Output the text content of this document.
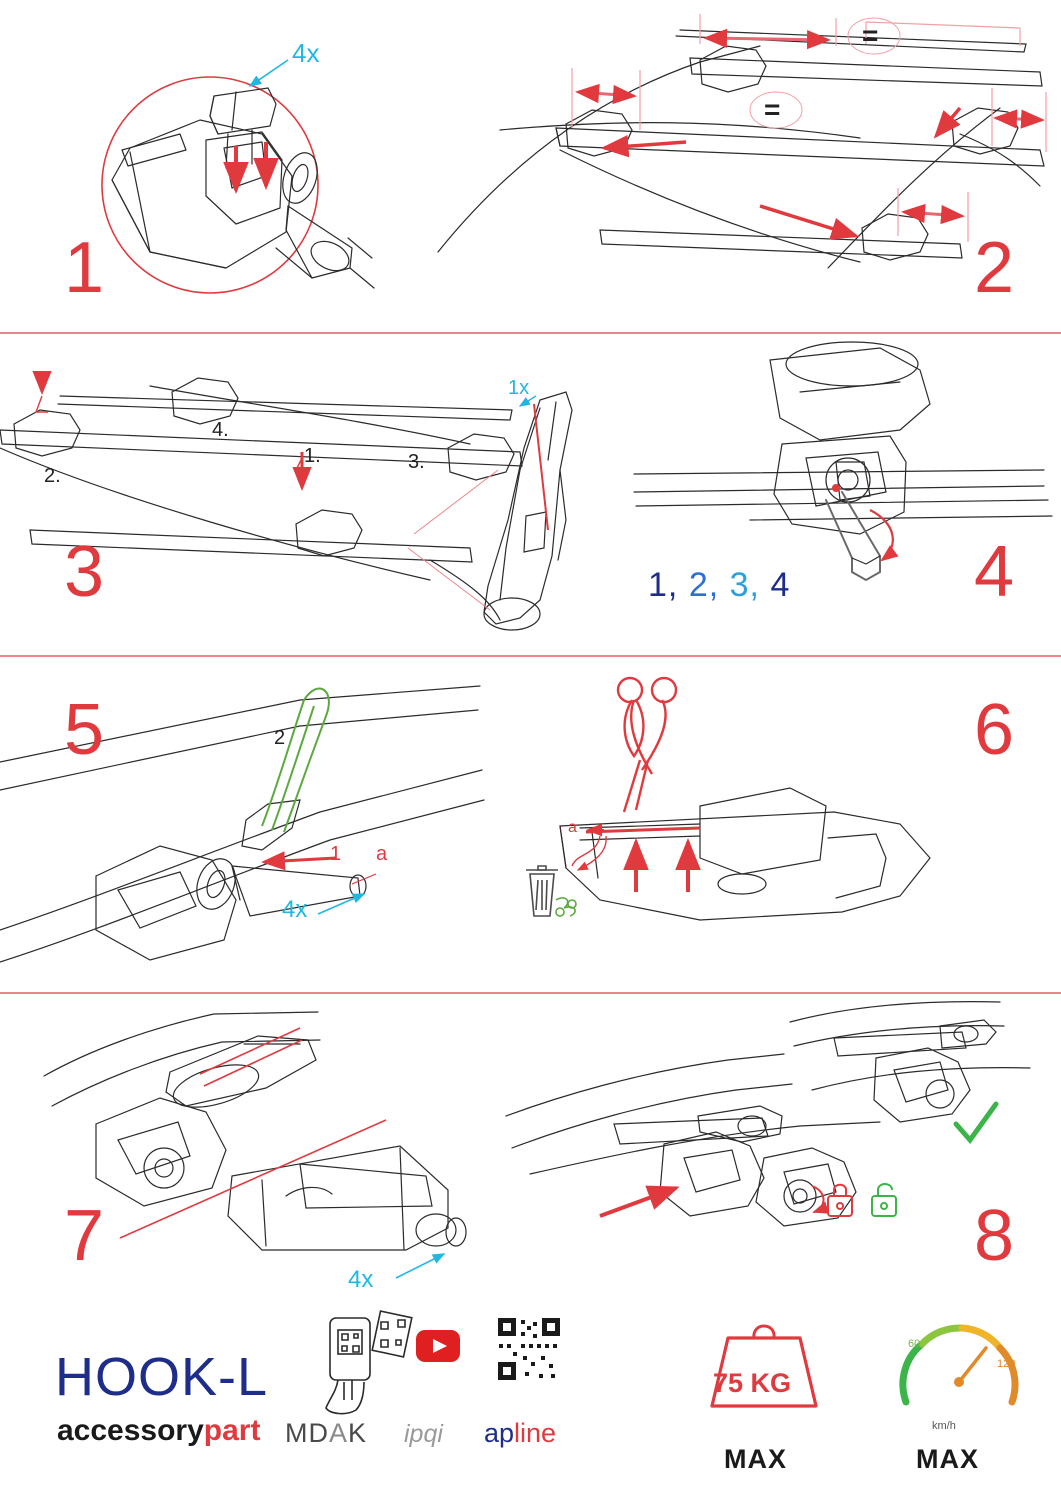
1	2
3	4
5	6
7	8
4x
=
=
1.
2.
3.
4.
1x
1, 2, 3, 4
1
2
a
4x
a
4x
HOOK-L
accessorypart MDAK ipqi apline
75 KG
MAX	MAX
km/h
60
120
